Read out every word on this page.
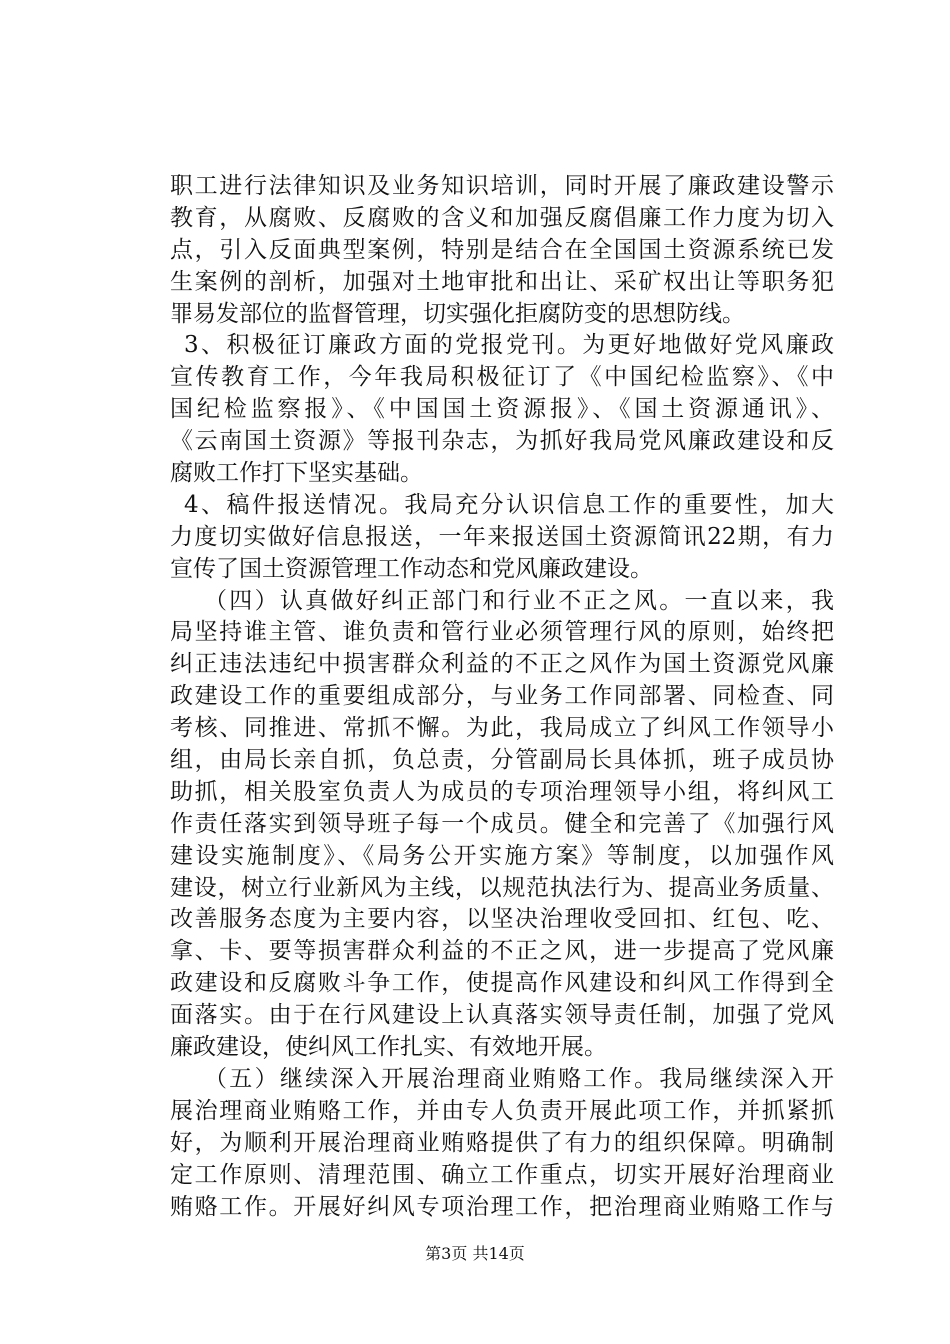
职工进行法律知识及业务知识培训，同时开展了廉政建设警示
教育，从腐败、反腐败的含义和加强反腐倡廉工作力度为切入
点，引入反面典型案例，特别是结合在全国国土资源系统已发
生案例的剖析，加强对土地审批和出让、采矿权出让等职务犯
罪易发部位的监督管理，切实强化拒腐防变的思想防线。
3、积极征订廉政方面的党报党刊。为更好地做好党风廉政
宣传教育工作，今年我局积极征订了《中国纪检监察》、《中
国纪检监察报》、《中国国土资源报》、《国土资源通讯》、
《云南国土资源》等报刊杂志，为抓好我局党风廉政建设和反
腐败工作打下坚实基础。
4、稿件报送情况。我局充分认识信息工作的重要性，加大
力度切实做好信息报送，一年来报送国土资源简讯22期，有力
宣传了国土资源管理工作动态和党风廉政建设。
（四）认真做好纠正部门和行业不正之风。一直以来，我
局坚持谁主管、谁负责和管行业必须管理行风的原则，始终把
纠正违法违纪中损害群众利益的不正之风作为国土资源党风廉
政建设工作的重要组成部分，与业务工作同部署、同检查、同
考核、同推进、常抓不懈。为此，我局成立了纠风工作领导小
组，由局长亲自抓，负总责，分管副局长具体抓，班子成员协
助抓，相关股室负责人为成员的专项治理领导小组，将纠风工
作责任落实到领导班子每一个成员。健全和完善了《加强行风
建设实施制度》、《局务公开实施方案》等制度，以加强作风
建设，树立行业新风为主线，以规范执法行为、提高业务质量、
改善服务态度为主要内容，以坚决治理收受回扣、红包、吃、
拿、卡、要等损害群众利益的不正之风，进一步提高了党风廉
政建设和反腐败斗争工作，使提高作风建设和纠风工作得到全
面落实。由于在行风建设上认真落实领导责任制，加强了党风
廉政建设，使纠风工作扎实、有效地开展。
（五）继续深入开展治理商业贿赂工作。我局继续深入开
展治理商业贿赂工作，并由专人负责开展此项工作，并抓紧抓
好，为顺利开展治理商业贿赂提供了有力的组织保障。明确制
定工作原则、清理范围、确立工作重点，切实开展好治理商业
贿赂工作。开展好纠风专项治理工作，把治理商业贿赂工作与
第3页 共14页
